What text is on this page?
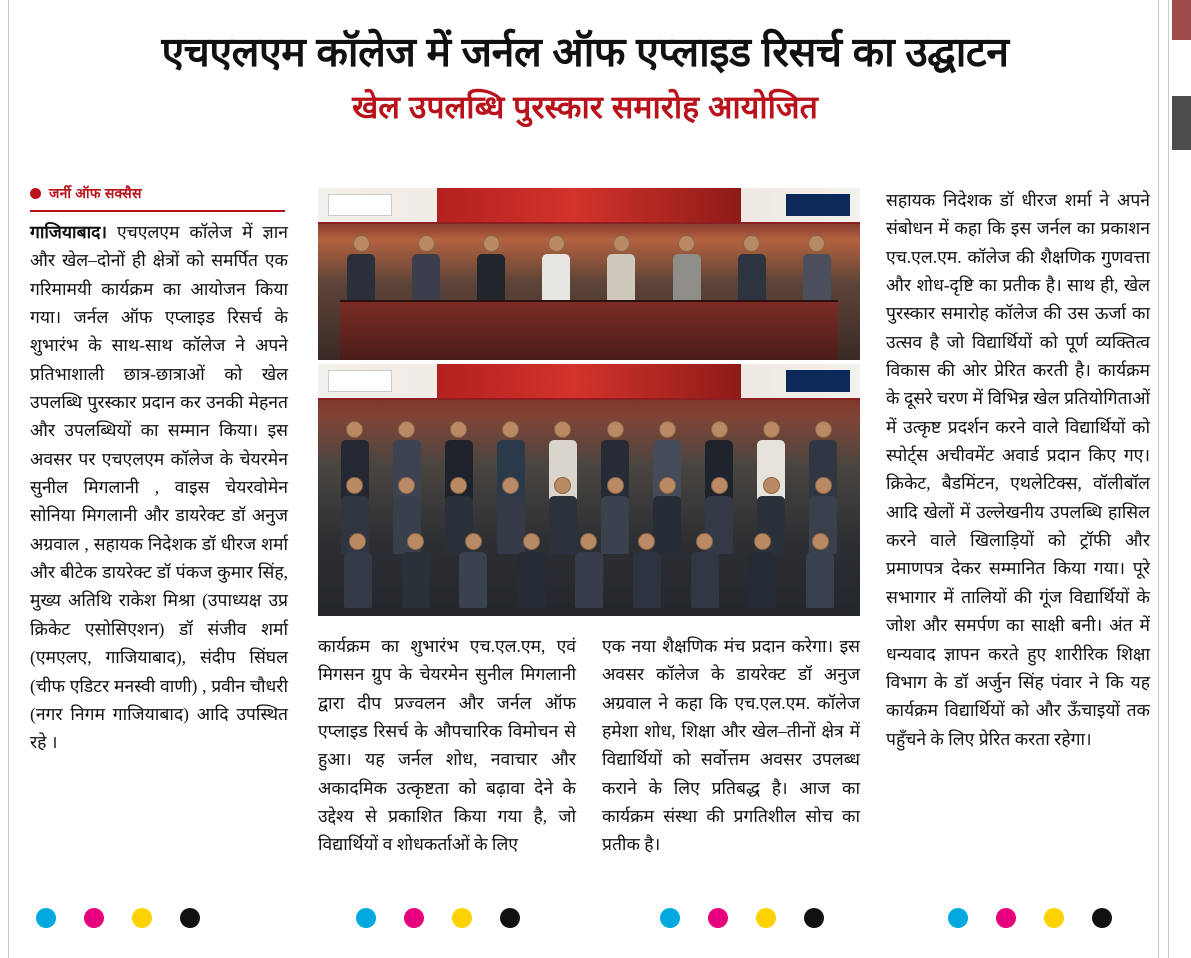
एचएलएम कॉलेज में जर्नल ऑफ एप्लाइड रिसर्च का उद्घाटन
खेल उपलब्धि पुरस्कार समारोह आयोजित
जर्नी ऑफ सक्सैस

गाजियाबाद। एचएलएम कॉलेज में ज्ञान और खेल–दोनों ही क्षेत्रों को समर्पित एक गरिमामयी कार्यक्रम का आयोजन किया गया। जर्नल ऑफ एप्लाइड रिसर्च के शुभारंभ के साथ-साथ कॉलेज ने अपने प्रतिभाशाली छात्र-छात्राओं को खेल उपलब्धि पुरस्कार प्रदान कर उनकी मेहनत और उपलब्धियों का सम्मान किया। इस अवसर पर एचएलएम कॉलेज के चेयरमेन सुनील मिगलानी , वाइस चेयरवोमेन सोनिया मिगलानी और डायरेक्ट डॉ अनुज अग्रवाल , सहायक निदेशक डॉ धीरज शर्मा और बीटेक डायरेक्ट डॉ पंकज कुमार सिंह, मुख्य अतिथि राकेश मिश्रा (उपाध्यक्ष उप्र क्रिकेट एसोसिएशन) डॉ संजीव शर्मा (एमएलए, गाजियाबाद), संदीप सिंघल (चीफ एडिटर मनस्वी वाणी) , प्रवीन चौधरी (नगर निगम गाजियाबाद) आदि उपस्थित रहे ।

कार्यक्रम का शुभारंभ एच.एल.एम, एवं मिगसन ग्रुप के चेयरमेन सुनील मिगलानी द्वारा दीप प्रज्वलन और जर्नल ऑफ एप्लाइड रिसर्च के औपचारिक विमोचन से हुआ। यह जर्नल शोध, नवाचार और अकादमिक उत्कृष्टता को बढ़ावा देने के उद्देश्य से प्रकाशित किया गया है, जो विद्यार्थियों व शोधकर्ताओं के लिए

एक नया शैक्षणिक मंच प्रदान करेगा। इस अवसर कॉलेज के डायरेक्ट डॉ अनुज अग्रवाल ने कहा कि एच.एल.एम. कॉलेज हमेशा शोध, शिक्षा और खेल–तीनों क्षेत्र में विद्यार्थियों को सर्वोत्तम अवसर उपलब्ध कराने के लिए प्रतिबद्ध है। आज का कार्यक्रम संस्था की प्रगतिशील सोच का प्रतीक है।

सहायक निदेशक डॉ धीरज शर्मा ने अपने संबोधन में कहा कि इस जर्नल का प्रकाशन एच.एल.एम. कॉलेज की शैक्षणिक गुणवत्ता और शोध-दृष्टि का प्रतीक है। साथ ही, खेल पुरस्कार समारोह कॉलेज की उस ऊर्जा का उत्सव है जो विद्यार्थियों को पूर्ण व्यक्तित्व विकास की ओर प्रेरित करती है। कार्यक्रम के दूसरे चरण में विभिन्न खेल प्रतियोगिताओं में उत्कृष्ट प्रदर्शन करने वाले विद्यार्थियों को स्पोर्ट्स अचीवमेंट अवार्ड प्रदान किए गए। क्रिकेट, बैडमिंटन, एथलेटिक्स, वॉलीबॉल आदि खेलों में उल्लेखनीय उपलब्धि हासिल करने वाले खिलाड़ियों को ट्रॉफी और प्रमाणपत्र देकर सम्मानित किया गया। पूरे सभागार में तालियों की गूंज विद्यार्थियों के जोश और समर्पण का साक्षी बनी। अंत में धन्यवाद ज्ञापन करते हुए शारीरिक शिक्षा विभाग के डॉ अर्जुन सिंह पंवार ने कि यह कार्यक्रम विद्यार्थियों को और ऊँचाइयों तक पहुँचने के लिए प्रेरित करता रहेगा।
